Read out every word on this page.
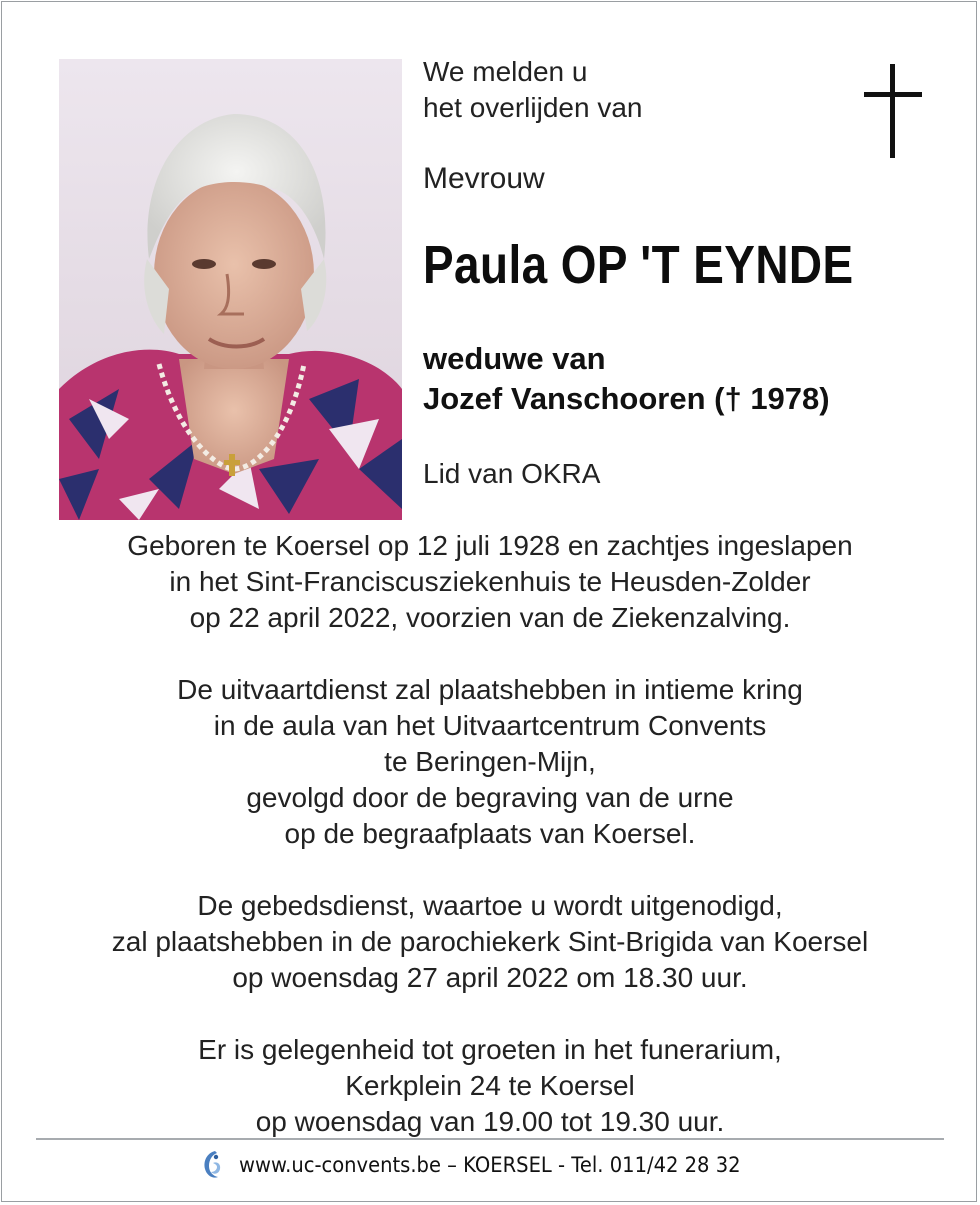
We melden u
het overlijden van
Mevrouw
Paula OP 'T EYNDE
weduwe van
Jozef Vanschooren († 1978)
Lid van OKRA

Geboren te Koersel op 12 juli 1928 en zachtjes ingeslapen
in het Sint-Franciscusziekenhuis te Heusden-Zolder
op 22 april 2022, voorzien van de Ziekenzalving.

De uitvaartdienst zal plaatshebben in intieme kring
in de aula van het Uitvaartcentrum Convents
te Beringen-Mijn,
gevolgd door de begraving van de urne
op de begraafplaats van Koersel.

De gebedsdienst, waartoe u wordt uitgenodigd,
zal plaatshebben in de parochiekerk Sint-Brigida van Koersel
op woensdag 27 april 2022 om 18.30 uur.

Er is gelegenheid tot groeten in het funerarium,
Kerkplein 24 te Koersel
op woensdag van 19.00 tot 19.30 uur.

www.uc-convents.be – KOERSEL - Tel. 011/42 28 32
